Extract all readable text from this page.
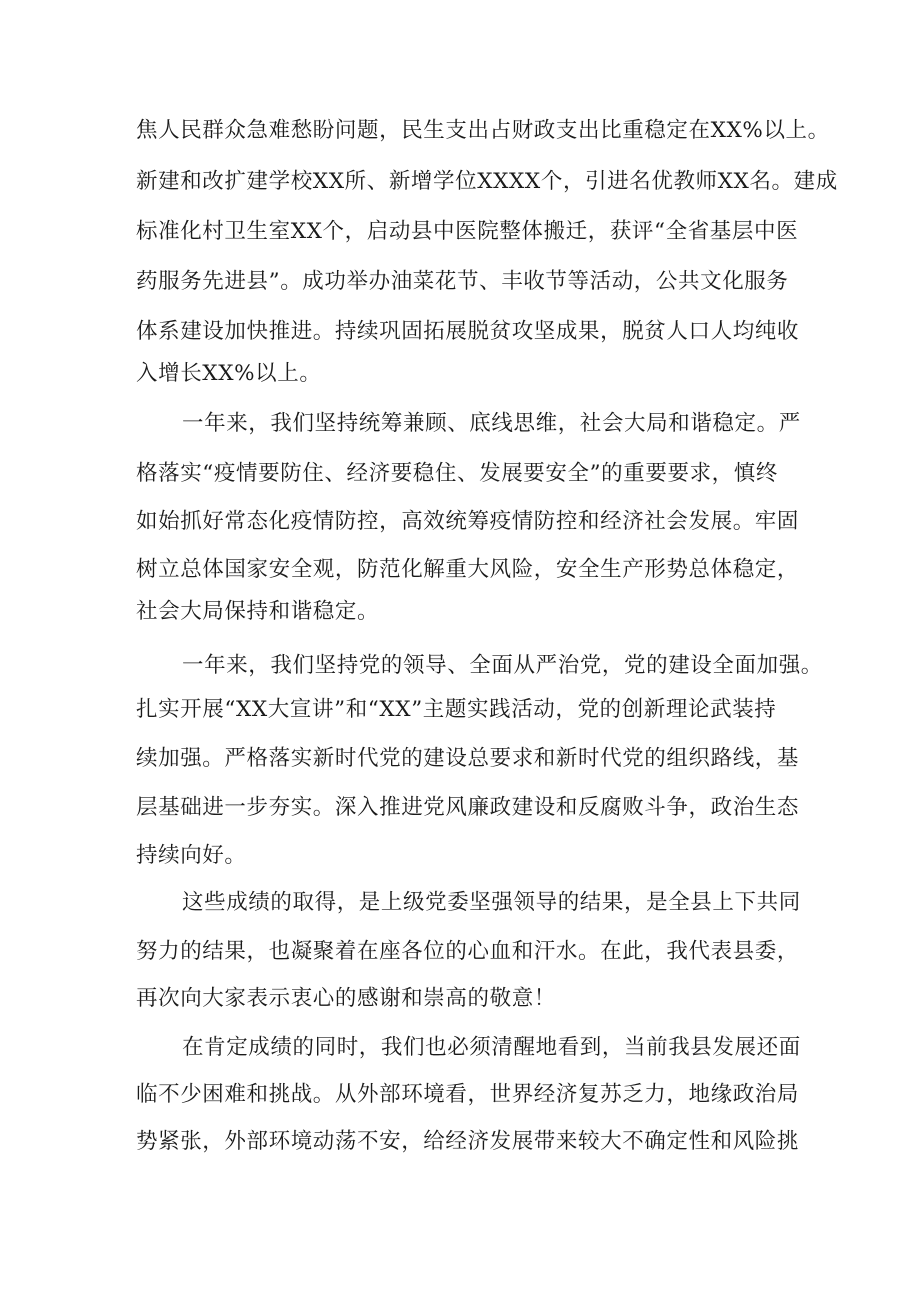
焦人民群众急难愁盼问题，民生支出占财政支出比重稳定在XX%以上。
新建和改扩建学校XX所、新增学位XXXX个，引进名优教师XX名。建成
标准化村卫生室XX个，启动县中医院整体搬迁，获评“全省基层中医
药服务先进县”。成功举办油菜花节、丰收节等活动，公共文化服务
体系建设加快推进。持续巩固拓展脱贫攻坚成果，脱贫人口人均纯收
入增长XX%以上。
一年来，我们坚持统筹兼顾、底线思维，社会大局和谐稳定。严
格落实“疫情要防住、经济要稳住、发展要安全”的重要要求，慎终
如始抓好常态化疫情防控，高效统筹疫情防控和经济社会发展。牢固
树立总体国家安全观，防范化解重大风险，安全生产形势总体稳定，
社会大局保持和谐稳定。
一年来，我们坚持党的领导、全面从严治党，党的建设全面加强。
扎实开展“XX大宣讲”和“XX”主题实践活动，党的创新理论武装持
续加强。严格落实新时代党的建设总要求和新时代党的组织路线，基
层基础进一步夯实。深入推进党风廉政建设和反腐败斗争，政治生态
持续向好。
这些成绩的取得，是上级党委坚强领导的结果，是全县上下共同
努力的结果，也凝聚着在座各位的心血和汗水。在此，我代表县委，
再次向大家表示衷心的感谢和崇高的敬意！
在肯定成绩的同时，我们也必须清醒地看到，当前我县发展还面
临不少困难和挑战。从外部环境看，世界经济复苏乏力，地缘政治局
势紧张，外部环境动荡不安，给经济发展带来较大不确定性和风险挑
